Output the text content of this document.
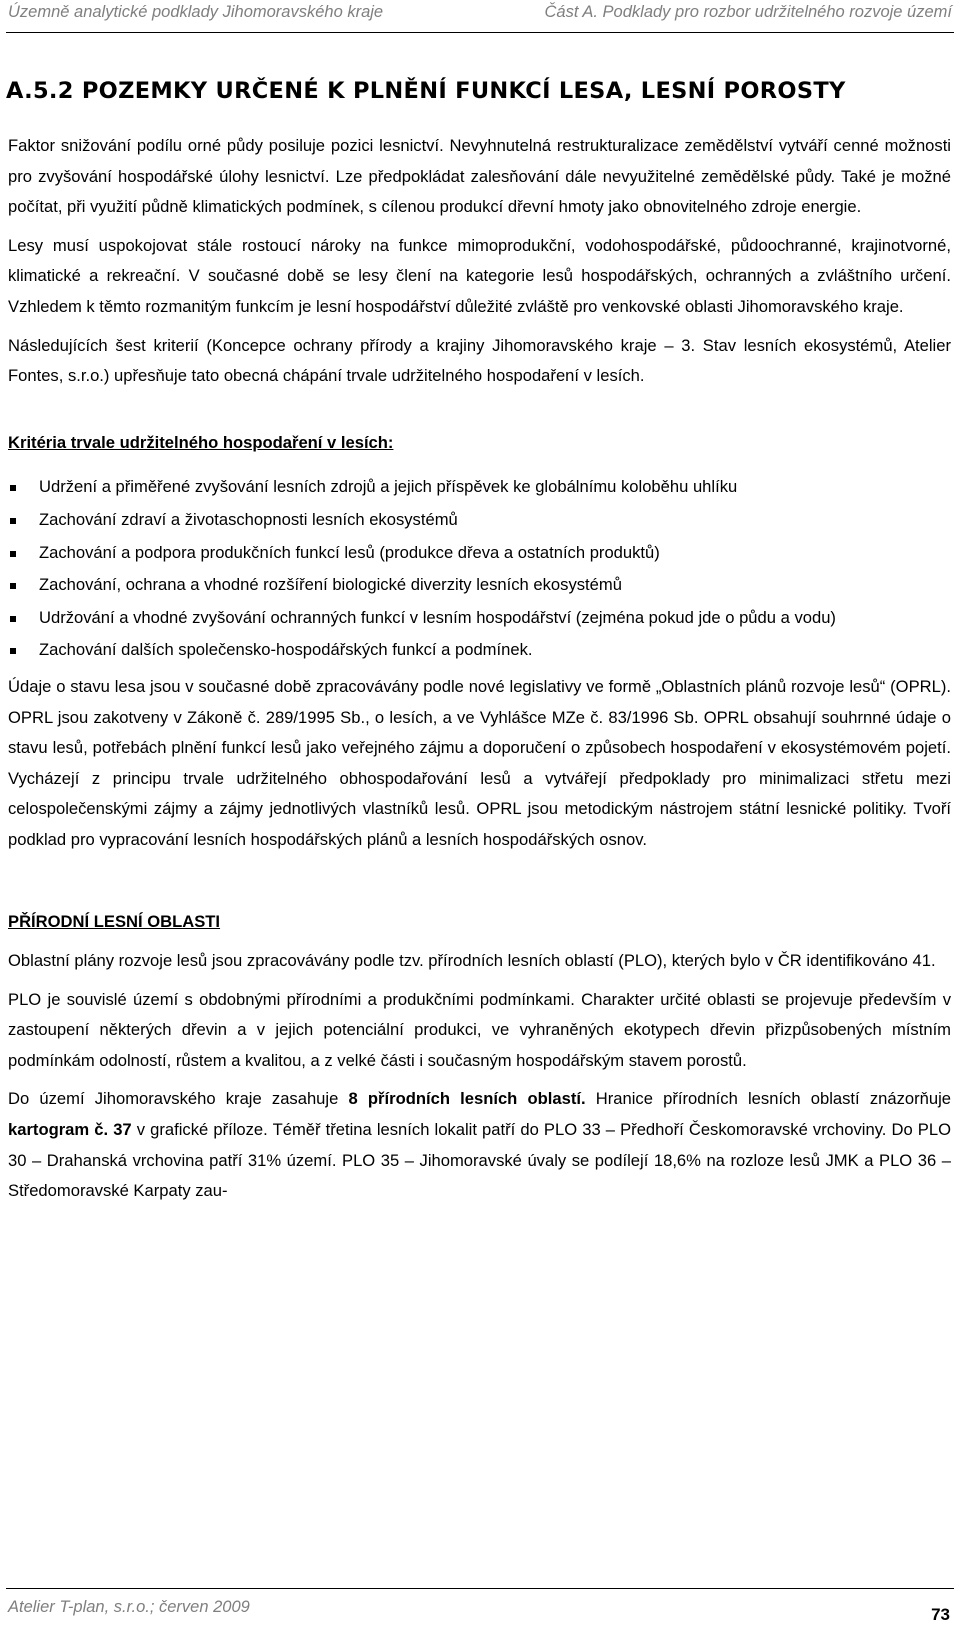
Územně analytické podklady Jihomoravského kraje	Část A. Podklady pro rozbor udržitelného rozvoje území
A.5.2 POZEMKY URČENÉ K PLNĚNÍ FUNKCÍ LESA, LESNÍ POROSTY

Faktor snižování podílu orné půdy posiluje pozici lesnictví. Nevyhnutelná restrukturalizace zemědělství vytváří cenné možnosti pro zvyšování hospodářské úlohy lesnictví. Lze předpokládat zalesňování dále nevyužitelné zemědělské půdy. Také je možné počítat, při využití půdně klimatických podmínek, s cílenou produkcí dřevní hmoty jako obnovitelného zdroje energie.

Lesy musí uspokojovat stále rostoucí nároky na funkce mimoprodukční, vodohospodářské, půdoochranné, krajinotvorné, klimatické a rekreační. V současné době se lesy člení na kategorie lesů hospodářských, ochranných a zvláštního určení. Vzhledem k těmto rozmanitým funkcím je lesní hospodářství důležité zvláště pro venkovské oblasti Jihomoravského kraje.

Následujících šest kriterií (Koncepce ochrany přírody a krajiny Jihomoravského kraje – 3. Stav lesních ekosystémů, Atelier Fontes, s.r.o.) upřesňuje tato obecná chápání trvale udržitelného hospodaření v lesích.

Kritéria trvale udržitelného hospodaření v lesích:
Udržení a přiměřené zvyšování lesních zdrojů a jejich příspěvek ke globálnímu koloběhu uhlíku
Zachování zdraví a životaschopnosti lesních ekosystémů
Zachování a podpora produkčních funkcí lesů (produkce dřeva a ostatních produktů)
Zachování, ochrana a vhodné rozšíření biologické diverzity lesních ekosystémů
Udržování a vhodné zvyšování ochranných funkcí v lesním hospodářství (zejména pokud jde o půdu a vodu)
Zachování dalších společensko-hospodářských funkcí a podmínek.

Údaje o stavu lesa jsou v současné době zpracovávány podle nové legislativy ve formě „Oblastních plánů rozvoje lesů“ (OPRL). OPRL jsou zakotveny v Zákoně č. 289/1995 Sb., o lesích, a ve Vyhlášce MZe č. 83/1996 Sb. OPRL obsahují souhrnné údaje o stavu lesů, potřebách plnění funkcí lesů jako veřejného zájmu a doporučení o způsobech hospodaření v ekosystémovém pojetí. Vycházejí z principu trvale udržitelného obhospodařování lesů a vytvářejí předpoklady pro minimalizaci střetu mezi celospolečenskými zájmy a zájmy jednotlivých vlastníků lesů. OPRL jsou metodickým nástrojem státní lesnické politiky. Tvoří podklad pro vypracování lesních hospodářských plánů a lesních hospodářských osnov.

PŘÍRODNÍ LESNÍ OBLASTI

Oblastní plány rozvoje lesů jsou zpracovávány podle tzv. přírodních lesních oblastí (PLO), kterých bylo v ČR identifikováno 41.

PLO je souvislé území s obdobnými přírodními a produkčními podmínkami. Charakter určité oblasti se projevuje především v zastoupení některých dřevin a v jejich potenciální produkci, ve vyhraněných ekotypech dřevin přizpůsobených místním podmínkám odolností, růstem a kvalitou, a z velké části i současným hospodářským stavem porostů.

Do území Jihomoravského kraje zasahuje 8 přírodních lesních oblastí. Hranice přírodních lesních oblastí znázorňuje kartogram č. 37 v grafické příloze. Téměř třetina lesních lokalit patří do PLO 33 – Předhoří Českomoravské vrchoviny. Do PLO 30 – Drahanská vrchovina patří 31% území. PLO 35 – Jihomoravské úvaly se podílejí 18,6% na rozloze lesů JMK a PLO 36 – Středomoravské Karpaty zau-

Atelier T-plan, s.r.o.; červen 2009	73
